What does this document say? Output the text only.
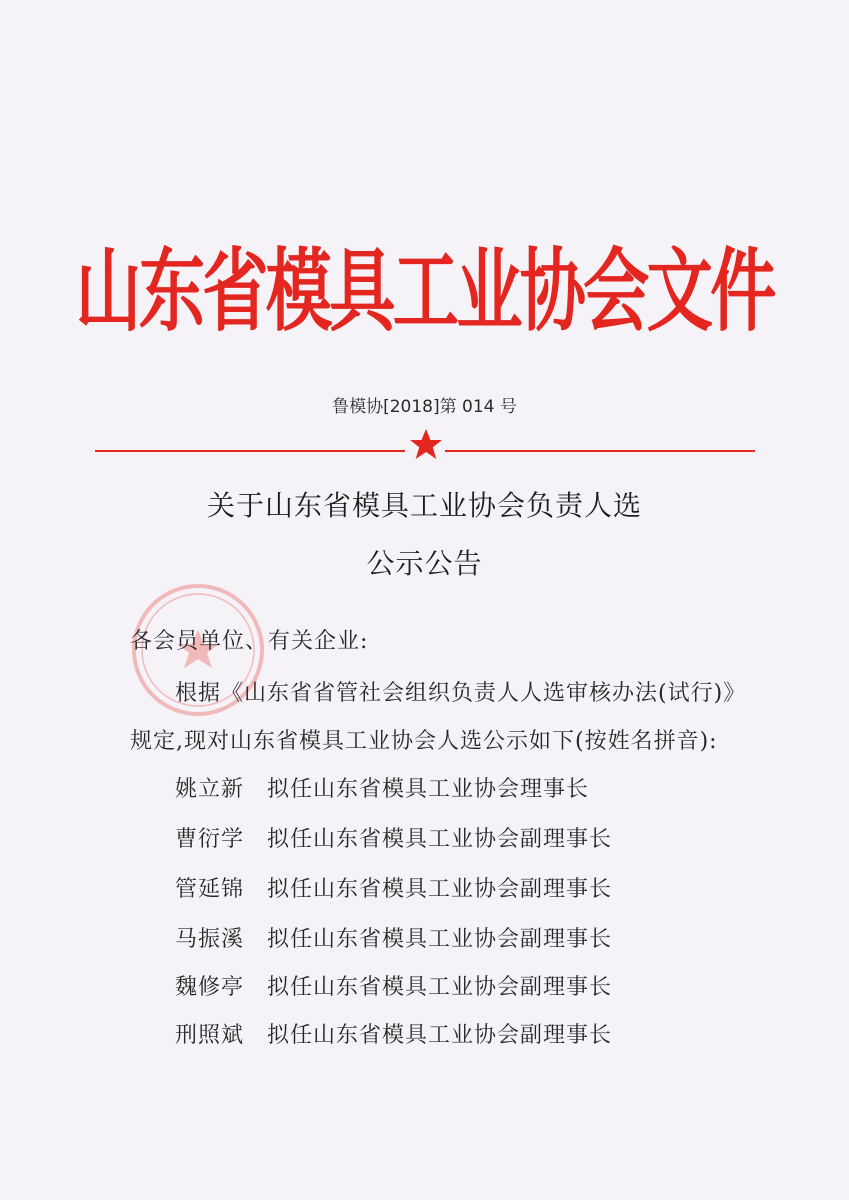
山东省模具工业协会文件
鲁模协[2018]第 014 号
关于山东省模具工业协会负责人选
公示公告
各会员单位、有关企业:
根据《山东省省管社会组织负责人人选审核办法(试行)》
规定,现对山东省模具工业协会人选公示如下(按姓名拼音):
姚立新 拟任山东省模具工业协会理事长
曹衍学 拟任山东省模具工业协会副理事长
管延锦 拟任山东省模具工业协会副理事长
马振溪 拟任山东省模具工业协会副理事长
魏修亭 拟任山东省模具工业协会副理事长
刑照斌 拟任山东省模具工业协会副理事长
